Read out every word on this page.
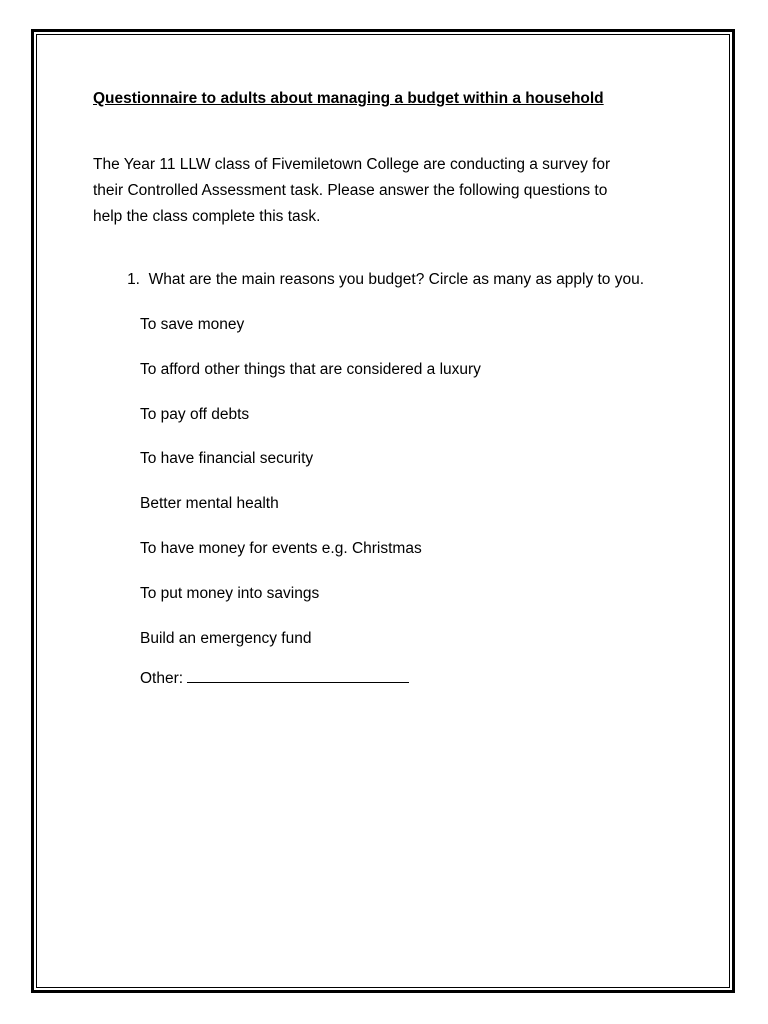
Questionnaire to adults about managing a budget within a household
The Year 11 LLW class of Fivemiletown College are conducting a survey for
their Controlled Assessment task. Please answer the following questions to
help the class complete this task.
1. What are the main reasons you budget? Circle as many as apply to you.
To save money
To afford other things that are considered a luxury
To pay off debts
To have financial security
Better mental health
To have money for events e.g. Christmas
To put money into savings
Build an emergency fund
Other:
